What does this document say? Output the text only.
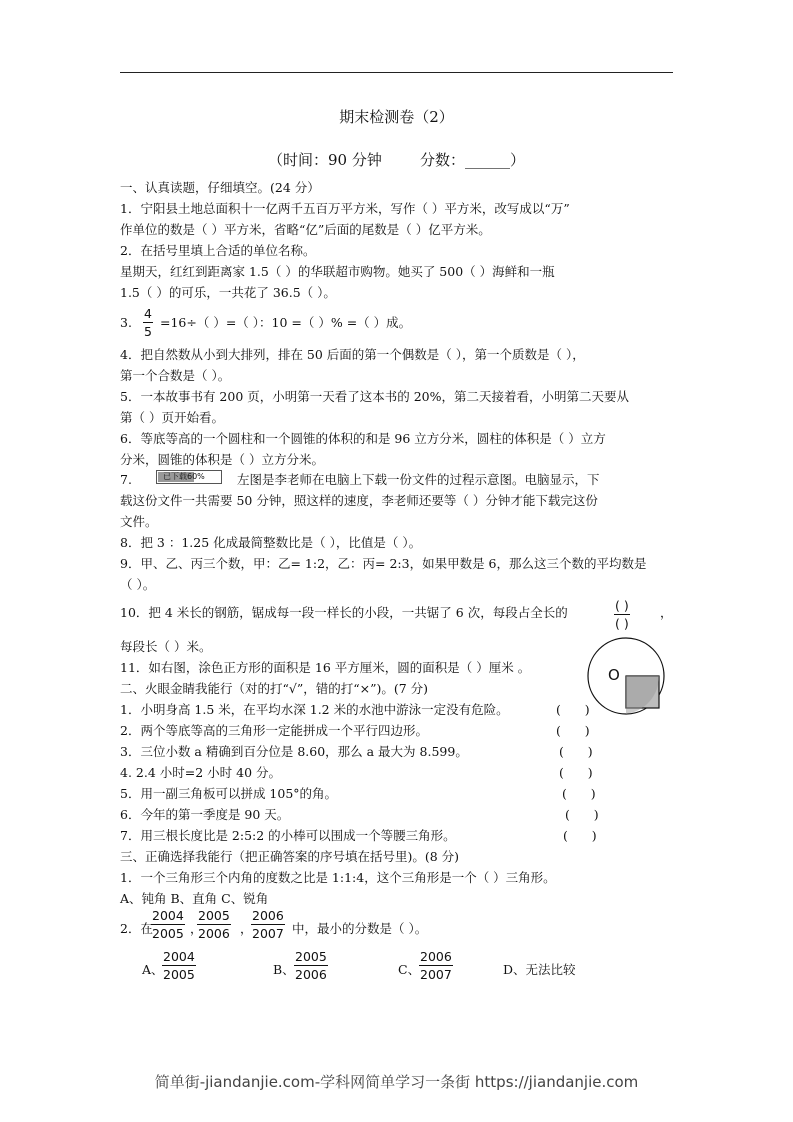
期末检测卷（2）
（时间：90 分钟        分数：______）
一、认真读题，仔细填空。(24 分）
1．宁阳县土地总面积十一亿两千五百万平方米，写作（ ）平方米，改写成以“万”
作单位的数是（ ）平方米，省略“亿”后面的尾数是（ ）亿平方米。
2．在括号里填上合适的单位名称。
星期天，红红到距离家 1.5（ ）的华联超市购物。她买了 500（ ）海鲜和一瓶
1.5（ ）的可乐，一共花了 36.5（ ）。
3. $\frac{4}{5} =16\div$（ ）=（ ）：10 =（ ）% =（ ）成。
4．把自然数从小到大排列，排在 50 后面的第一个偶数是（ ），第一个质数是（ ），
第一个合数是（ ）。
5．一本故事书有 200 页，小明第一天看了这本书的 20%，第二天接着看，小明第二天要从
第（ ）页开始看。
6．等底等高的一个圆柱和一个圆锥的体积的和是 96 立方分米，圆柱的体积是（ ）立方
分米，圆锥的体积是（ ）立方分米。
7.	已下载60%	左图是李老师在电脑上下载一份文件的过程示意图。电脑显示，下
载这份文件一共需要 50 分钟，照这样的速度，李老师还要等（ ）分钟才能下载完这份
文件。
8．把 3 ：1.25 化成最简整数比是（ ），比值是（ ）。
9．甲、乙、丙三个数，甲：乙= 1:2，乙：丙= 2:3，如果甲数是 6，那么这三个数的平均数是
（ ）。
10．把 4 米长的钢筋，锯成每一段一样长的小段，一共锯了 6 次，每段占全长的	$\frac{( )}{( )}$ ，
每段长（ ）米。
11．如右图，涂色正方形的面积是 16 平方厘米，圆的面积是（ ）厘米 。	O
二、火眼金睛我能行（对的打“√”，错的打“×”)。(7 分)
1．小明身高 1.5 米，在平均水深 1.2 米的水池中游泳一定没有危险。	(      )
2．两个等底等高的三角形一定能拼成一个平行四边形。	(      )
3．三位小数 a 精确到百分位是 8.60，那么 a 最大为 8.599。	(      )
4. 2.4 小时=2 小时 40 分。	(      )
5．用一副三角板可以拼成 105°的角。	(      )
6．今年的第一季度是 90 天。	(      )
7．用三根长度比是 2:5:2 的小棒可以围成一个等腰三角形。	(      )
三、正确选择我能行（把正确答案的序号填在括号里)。(8 分)
1．一个三角形三个内角的度数之比是 1:1:4，这个三角形是一个（ ）三角形。
A、钝角 B、直角 C、锐角
2．在
$\frac{2004}{2005}$ ，
$\frac{2005}{2006}$ ，
$\frac{2006}{2007}$ 中，最小的分数是（ ）。
A、
$\frac{2004}{2005}$	B、 $\frac{2005}{2006}$	C、
$\frac{2006}{2007}$	D、无法比较
简单街-jiandanjie.com-学科网简单学习一条街 https://jiandanjie.com
